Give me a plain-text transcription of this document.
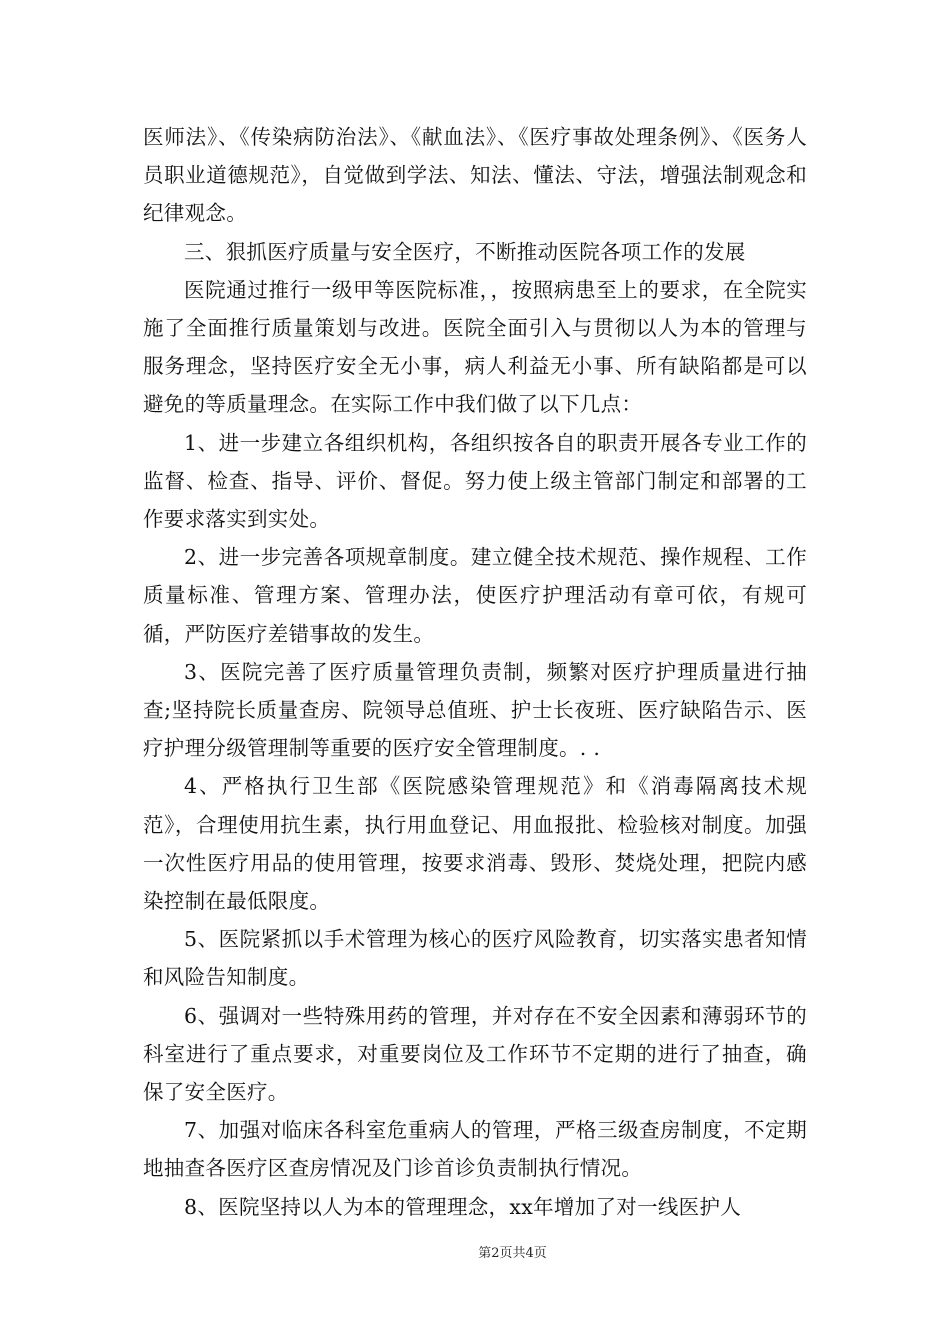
医师法》、《传染病防治法》、《献血法》、《医疗事故处理条例》、《医务人员职业道德规范》，自觉做到学法、知法、懂法、守法，增强法制观念和纪律观念。

三、狠抓医疗质量与安全医疗，不断推动医院各项工作的发展

医院通过推行一级甲等医院标准，，按照病患至上的要求，在全院实施了全面推行质量策划与改进。医院全面引入与贯彻以人为本的管理与服务理念，坚持医疗安全无小事，病人利益无小事、所有缺陷都是可以避免的等质量理念。在实际工作中我们做了以下几点：

1、进一步建立各组织机构，各组织按各自的职责开展各专业工作的监督、检查、指导、评价、督促。努力使上级主管部门制定和部署的工作要求落实到实处。

2、进一步完善各项规章制度。建立健全技术规范、操作规程、工作质量标准、管理方案、管理办法，使医疗护理活动有章可依，有规可循，严防医疗差错事故的发生。

3、医院完善了医疗质量管理负责制，频繁对医疗护理质量进行抽查;坚持院长质量查房、院领导总值班、护士长夜班、医疗缺陷告示、医疗护理分级管理制等重要的医疗安全管理制度。. .

4、严格执行卫生部《医院感染管理规范》和《消毒隔离技术规范》，合理使用抗生素，执行用血登记、用血报批、检验核对制度。加强一次性医疗用品的使用管理，按要求消毒、毁形、焚烧处理，把院内感染控制在最低限度。

5、医院紧抓以手术管理为核心的医疗风险教育，切实落实患者知情和风险告知制度。

6、强调对一些特殊用药的管理，并对存在不安全因素和薄弱环节的科室进行了重点要求，对重要岗位及工作环节不定期的进行了抽查，确保了安全医疗。

7、加强对临床各科室危重病人的管理，严格三级查房制度，不定期地抽查各医疗区查房情况及门诊首诊负责制执行情况。

8、医院坚持以人为本的管理理念，xx年增加了对一线医护人

第2页共4页
